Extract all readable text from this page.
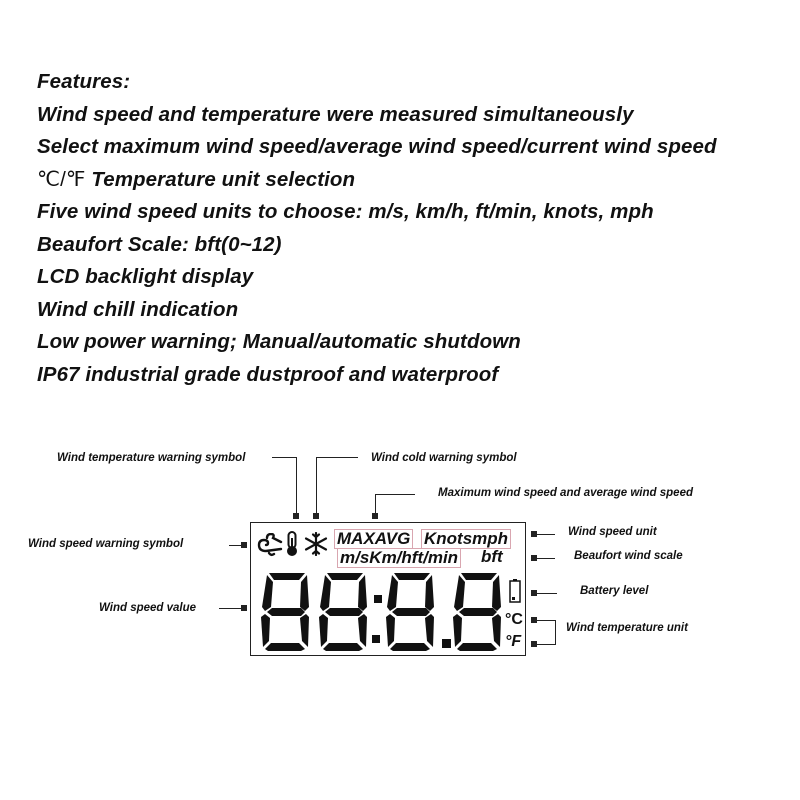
Features:
Wind speed and temperature were measured simultaneously
Select maximum wind speed/average wind speed/current wind speed
℃/℉ Temperature unit selection
Five wind speed units to choose: m/s, km/h, ft/min, knots, mph
Beaufort Scale: bft(0~12)
LCD backlight display
Wind chill indication
Low power warning; Manual/automatic shutdown
IP67 industrial grade dustproof and waterproof
Wind temperature warning symbol	Wind cold warning symbol
Maximum wind speed and average wind speed
Wind speed warning symbol
Wind speed value
Wind speed unit
Beaufort wind scale
Battery level
Wind temperature unit
MAXAVG Knotsmph
m/sKm/hft/min bft
°C
°F
